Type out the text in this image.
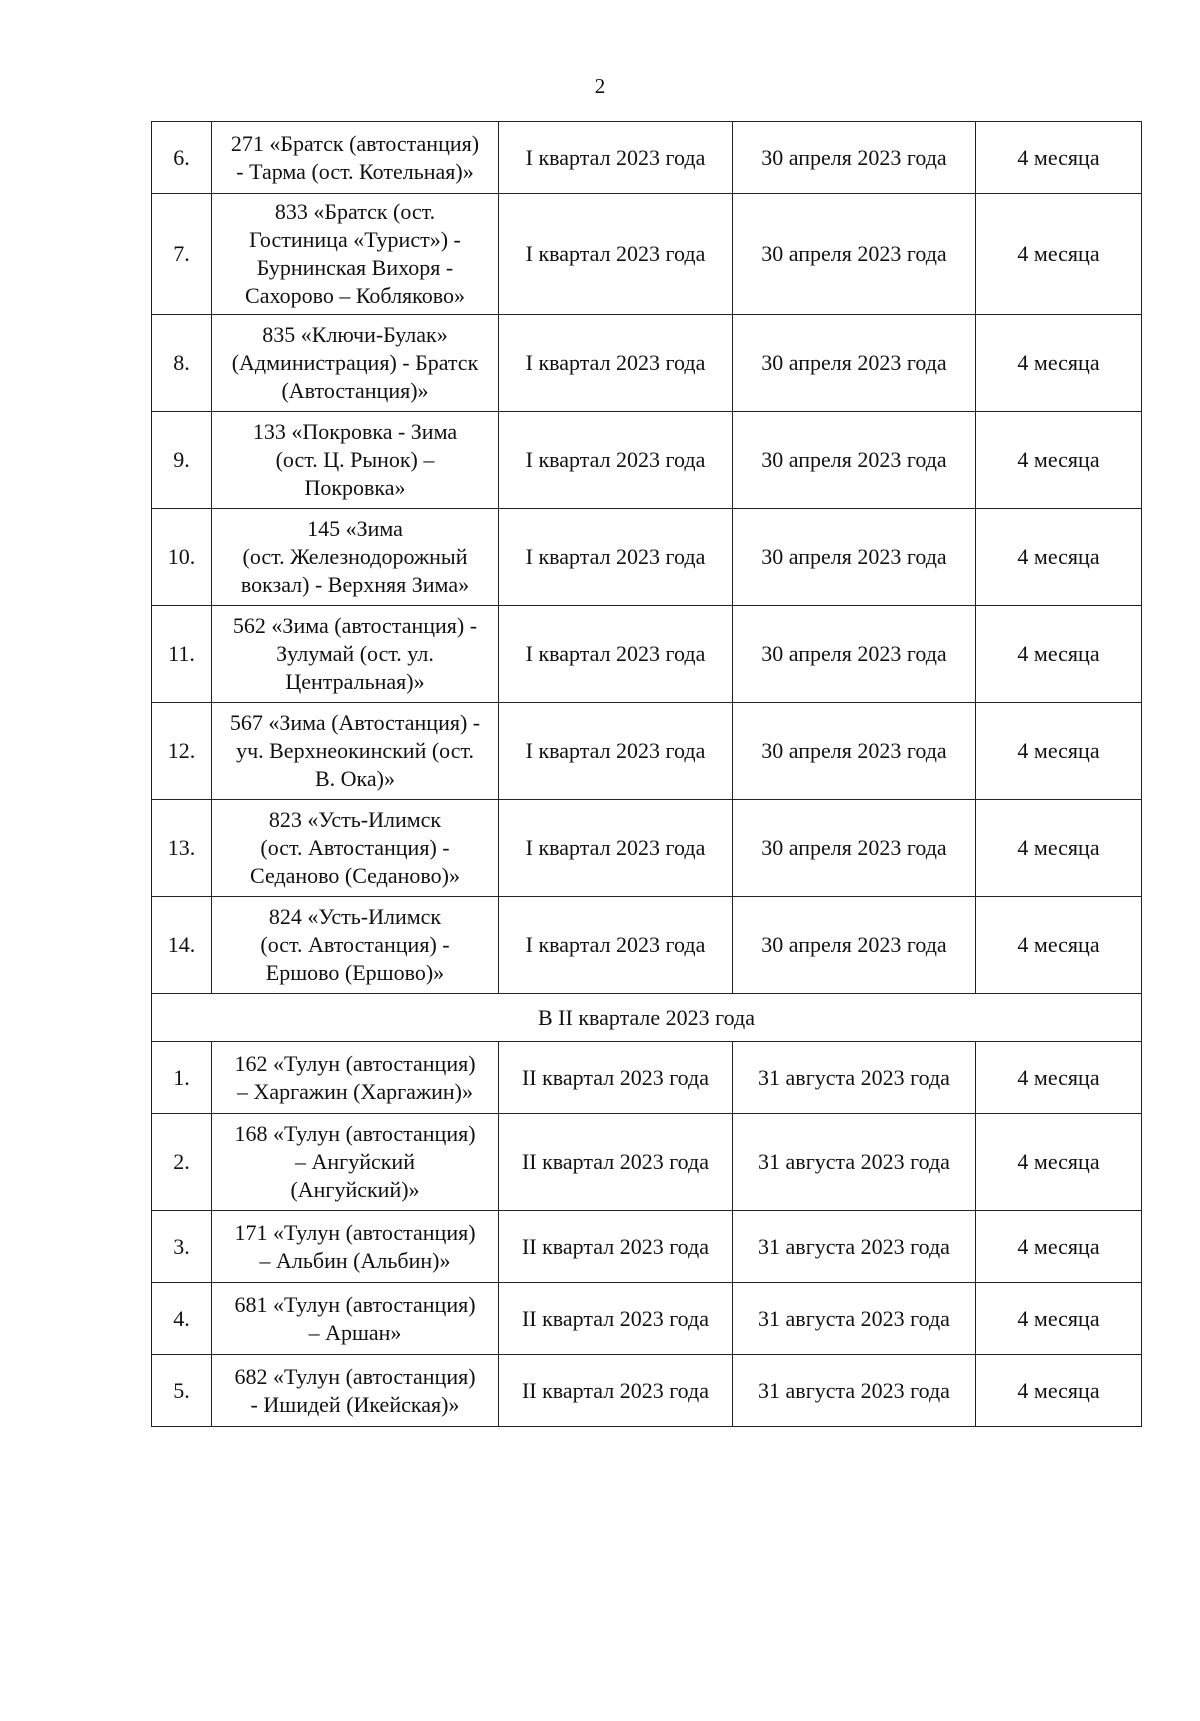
2
6.	271 «Братск (автостанция)
- Тарма (ост. Котельная)»	I квартал 2023 года	30 апреля 2023 года	4 месяца
7.	833 «Братск (ост.
Гостиница «Турист») -
Бурнинская Вихоря -
Сахорово – Кобляково»	I квартал 2023 года	30 апреля 2023 года	4 месяца
8.	835 «Ключи-Булак»
(Администрация) - Братск
(Автостанция)»	I квартал 2023 года	30 апреля 2023 года	4 месяца
9.	133 «Покровка - Зима
(ост. Ц. Рынок) –
Покровка»	I квартал 2023 года	30 апреля 2023 года	4 месяца
10.	145 «Зима
(ост. Железнодорожный
вокзал) - Верхняя Зима»	I квартал 2023 года	30 апреля 2023 года	4 месяца
11.	562 «Зима (автостанция) -
Зулумай (ост. ул.
Центральная)»	I квартал 2023 года	30 апреля 2023 года	4 месяца
12.	567 «Зима (Автостанция) -
уч. Верхнеокинский (ост.
В. Ока)»	I квартал 2023 года	30 апреля 2023 года	4 месяца
13.	823 «Усть-Илимск
(ост. Автостанция) -
Седаново (Седаново)»	I квартал 2023 года	30 апреля 2023 года	4 месяца
14.	824 «Усть-Илимск
(ост. Автостанция) -
Ершово (Ершово)»	I квартал 2023 года	30 апреля 2023 года	4 месяца
В II квартале 2023 года				
1.	162 «Тулун (автостанция)
– Харгажин (Харгажин)»	II квартал 2023 года	31 августа 2023 года	4 месяца
2.	168 «Тулун (автостанция)
– Ангуйский
(Ангуйский)»	II квартал 2023 года	31 августа 2023 года	4 месяца
3.	171 «Тулун (автостанция)
– Альбин (Альбин)»	II квартал 2023 года	31 августа 2023 года	4 месяца
4.	681 «Тулун (автостанция)
– Аршан»	II квартал 2023 года	31 августа 2023 года	4 месяца
5.	682 «Тулун (автостанция)
- Ишидей (Икейская)»	II квартал 2023 года	31 августа 2023 года	4 месяца
